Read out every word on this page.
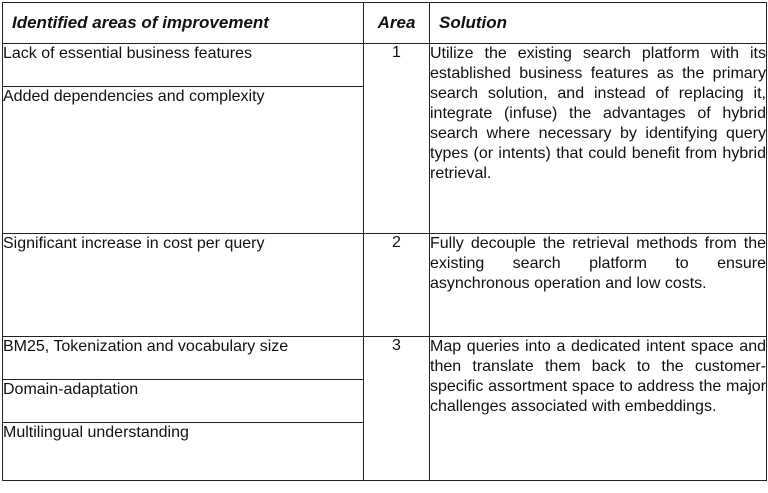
Identified areas of improvement	Area	Solution
Lack of essential business features	1	Utilize the existing search platform with its established business features as the primary search solution, and instead of replacing it, integrate (infuse) the advantages of hybrid search where necessary by identifying query types (or intents) that could benefit from hybrid retrieval.
Added dependencies and complexity		
Significant increase in cost per query	2	Fully decouple the retrieval methods from the existing search platform to ensure asynchronous operation and low costs.
BM25, Tokenization and vocabulary size	3	Map queries into a dedicated intent space and then translate them back to the customer-specific assortment space to address the major challenges associated with embeddings.
Domain-adaptation		
Multilingual understanding		
